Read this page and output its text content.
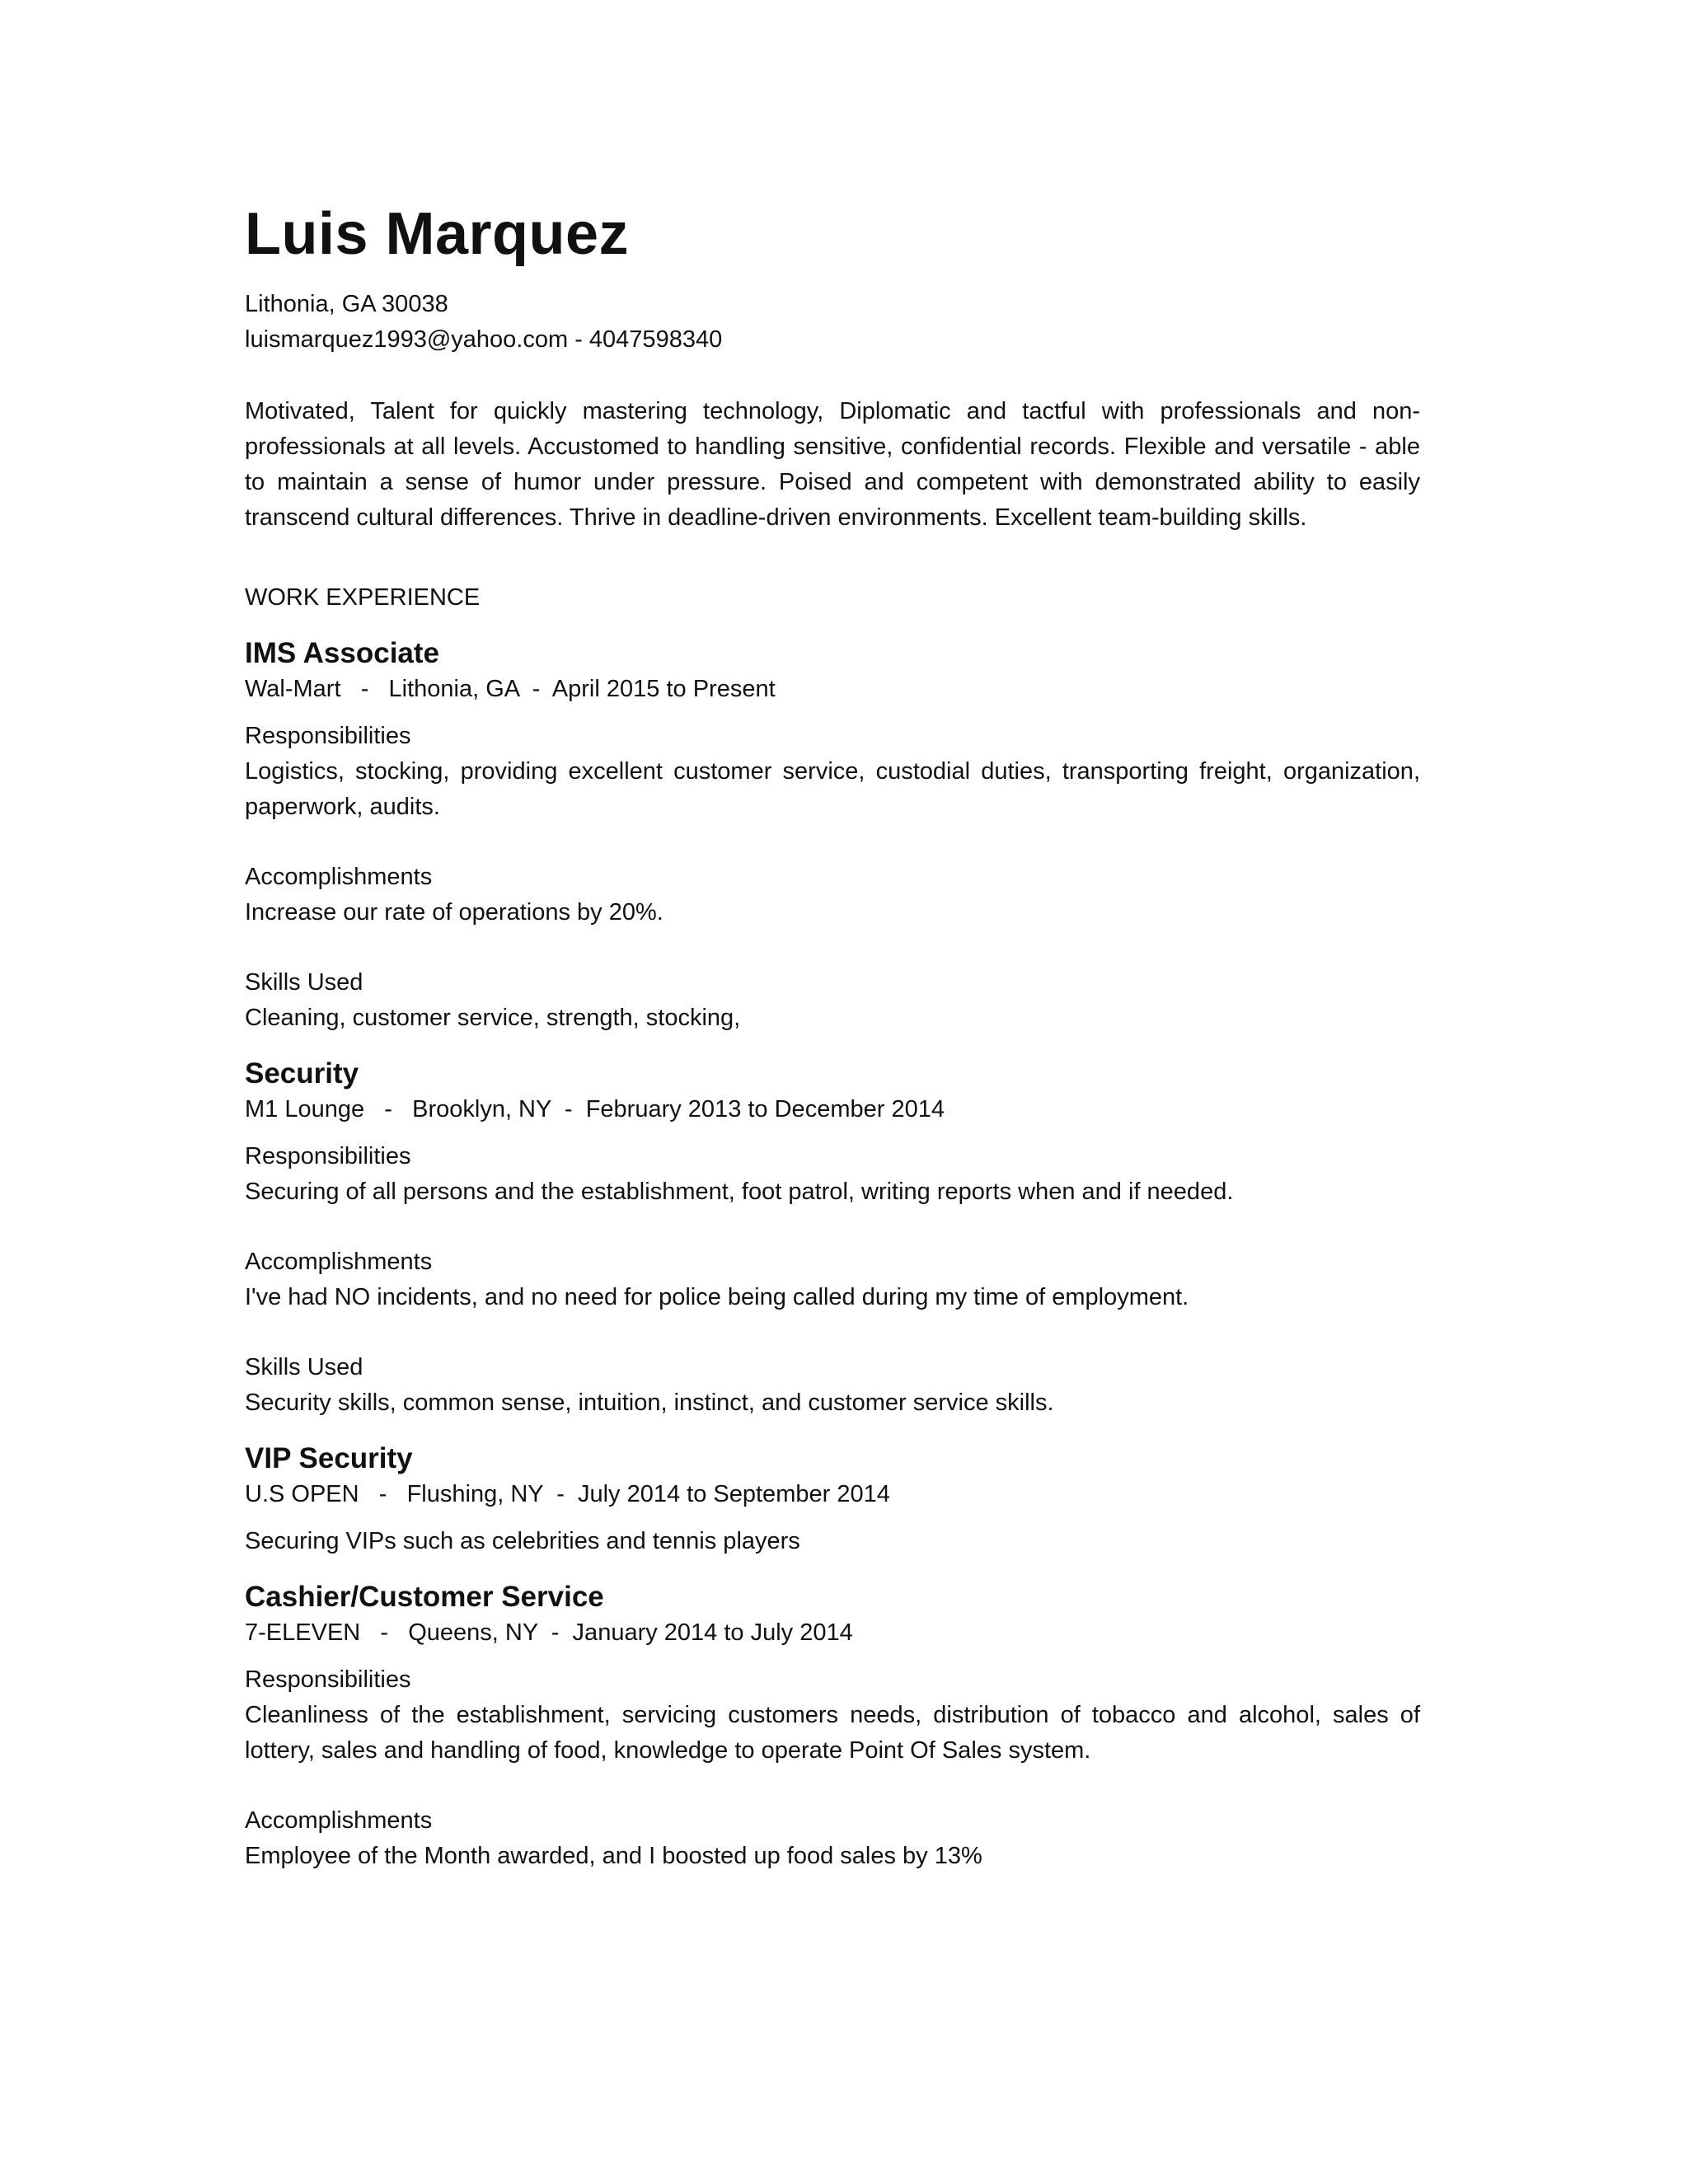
Luis Marquez
Lithonia, GA 30038
luismarquez1993@yahoo.com - 4047598340
Motivated, Talent for quickly mastering technology, Diplomatic and tactful with professionals and non-professionals at all levels. Accustomed to handling sensitive, confidential records. Flexible and versatile - able to maintain a sense of humor under pressure. Poised and competent with demonstrated ability to easily transcend cultural differences. Thrive in deadline-driven environments. Excellent team-building skills.
WORK EXPERIENCE
IMS Associate
Wal-Mart   -   Lithonia, GA  -  April 2015 to Present
Responsibilities
Logistics, stocking, providing excellent customer service, custodial duties, transporting freight, organization, paperwork, audits.
Accomplishments
Increase our rate of operations by 20%.
Skills Used
Cleaning, customer service, strength, stocking,
Security
M1 Lounge   -   Brooklyn, NY  -  February 2013 to December 2014
Responsibilities
Securing of all persons and the establishment, foot patrol, writing reports when and if needed.
Accomplishments
I've had NO incidents, and no need for police being called during my time of employment.
Skills Used
Security skills, common sense, intuition, instinct, and customer service skills.
VIP Security
U.S OPEN   -   Flushing, NY  -  July 2014 to September 2014
Securing VIPs such as celebrities and tennis players
Cashier/Customer Service
7-ELEVEN   -   Queens, NY  -  January 2014 to July 2014
Responsibilities
Cleanliness of the establishment, servicing customers needs, distribution of tobacco and alcohol, sales of lottery, sales and handling of food, knowledge to operate Point Of Sales system.
Accomplishments
Employee of the Month awarded, and I boosted up food sales by 13%
